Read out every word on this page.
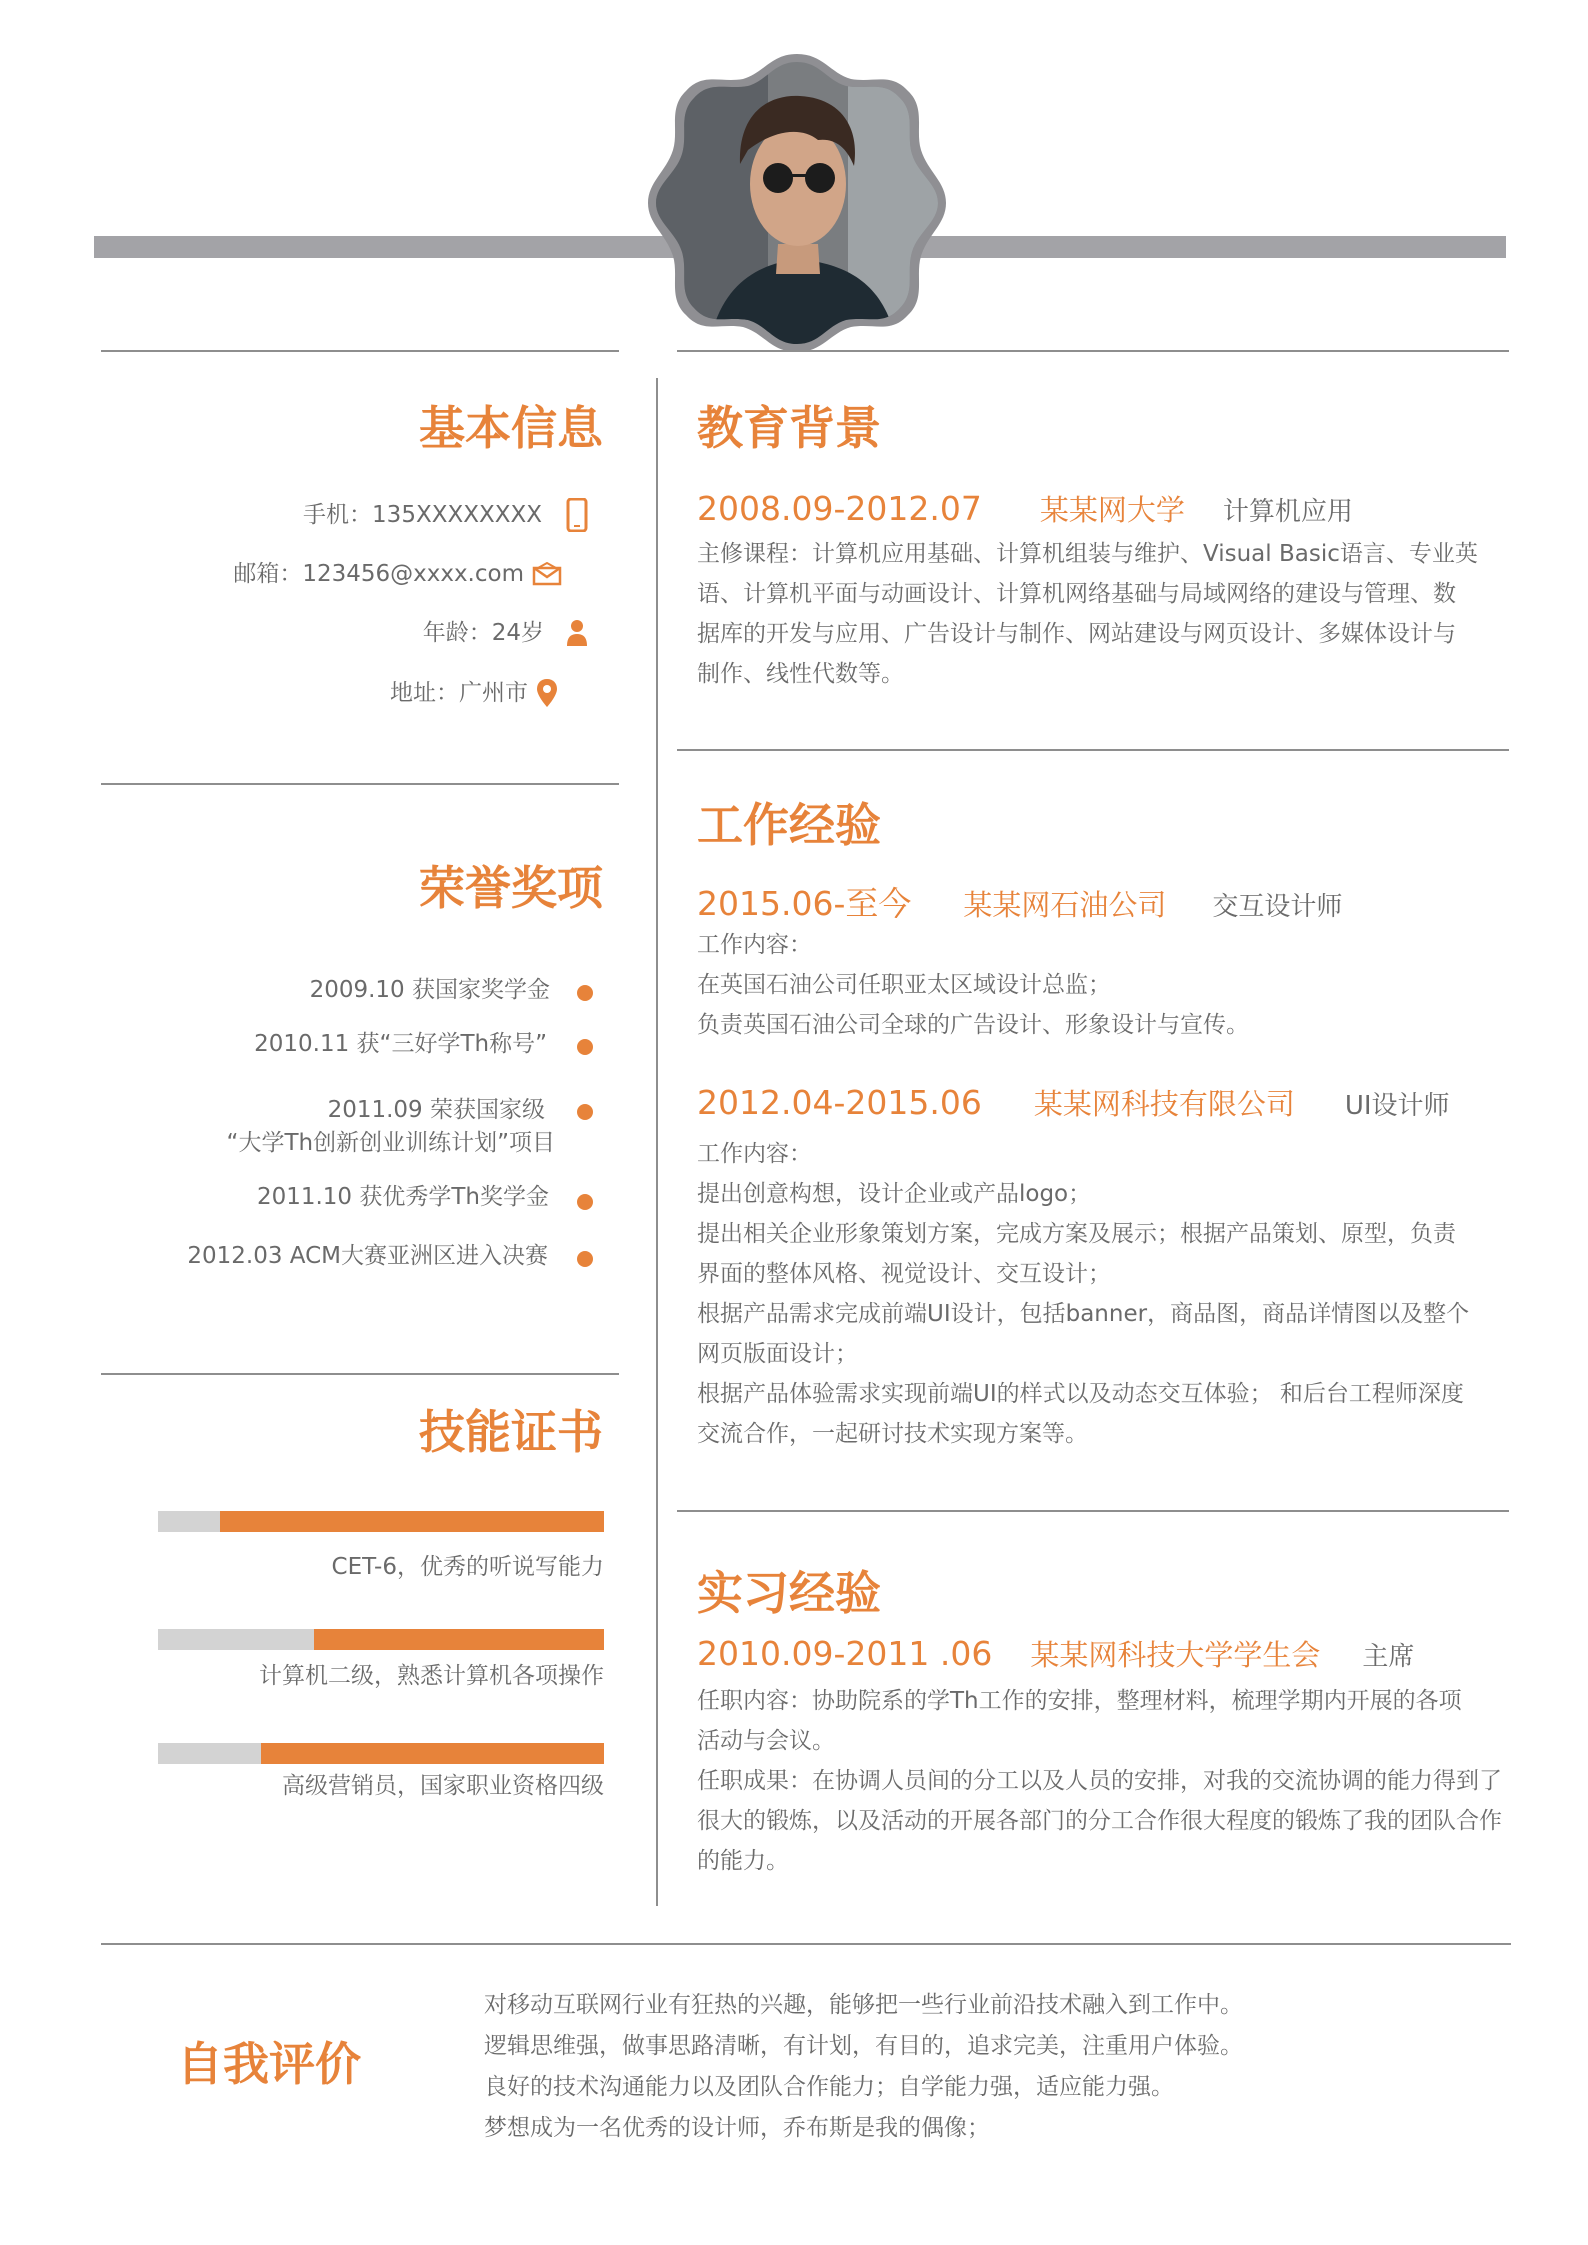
基本信息
手机：135XXXXXXXX
邮箱：123456@xxxx.com
年龄：24岁
地址：广州市
荣誉奖项
2009.10 获国家奖学金
2010.11 获“三好学Th称号”
2011.09 荣获国家级
“大学Th创新创业训练计划”项目
2011.10 获优秀学Th奖学金
2012.03 ACM大赛亚洲区进入决赛
技能证书
CET-6，优秀的听说写能力
计算机二级，熟悉计算机各项操作
高级营销员，国家职业资格四级
教育背景
2008.09-2012.07 某某网大学 计算机应用
主修课程：计算机应用基础、计算机组装与维护、Visual Basic语言、专业英
语、计算机平面与动画设计、计算机网络基础与局域网络的建设与管理、数
据库的开发与应用、广告设计与制作、网站建设与网页设计、多媒体设计与
制作、线性代数等。
工作经验
2015.06-至今 某某网石油公司 交互设计师
工作内容：
在英国石油公司任职亚太区域设计总监；
负责英国石油公司全球的广告设计、形象设计与宣传。
2012.04-2015.06 某某网科技有限公司 UI设计师
工作内容：
提出创意构想，设计企业或产品logo；
提出相关企业形象策划方案，完成方案及展示；根据产品策划、原型，负责
界面的整体风格、视觉设计、交互设计；
根据产品需求完成前端UI设计，包括banner，商品图，商品详情图以及整个
网页版面设计；
根据产品体验需求实现前端UI的样式以及动态交互体验； 和后台工程师深度
交流合作，一起研讨技术实现方案等。
实习经验
2010.09-2011 .06 某某网科技大学学生会 主席
任职内容：协助院系的学Th工作的安排，整理材料，梳理学期内开展的各项
活动与会议。
任职成果：在协调人员间的分工以及人员的安排，对我的交流协调的能力得到了
很大的锻炼，以及活动的开展各部门的分工合作很大程度的锻炼了我的团队合作
的能力。
自我评价
对移动互联网行业有狂热的兴趣，能够把一些行业前沿技术融入到工作中。
逻辑思维强，做事思路清晰，有计划，有目的，追求完美，注重用户体验。
良好的技术沟通能力以及团队合作能力；自学能力强，适应能力强。
梦想成为一名优秀的设计师，乔布斯是我的偶像；
